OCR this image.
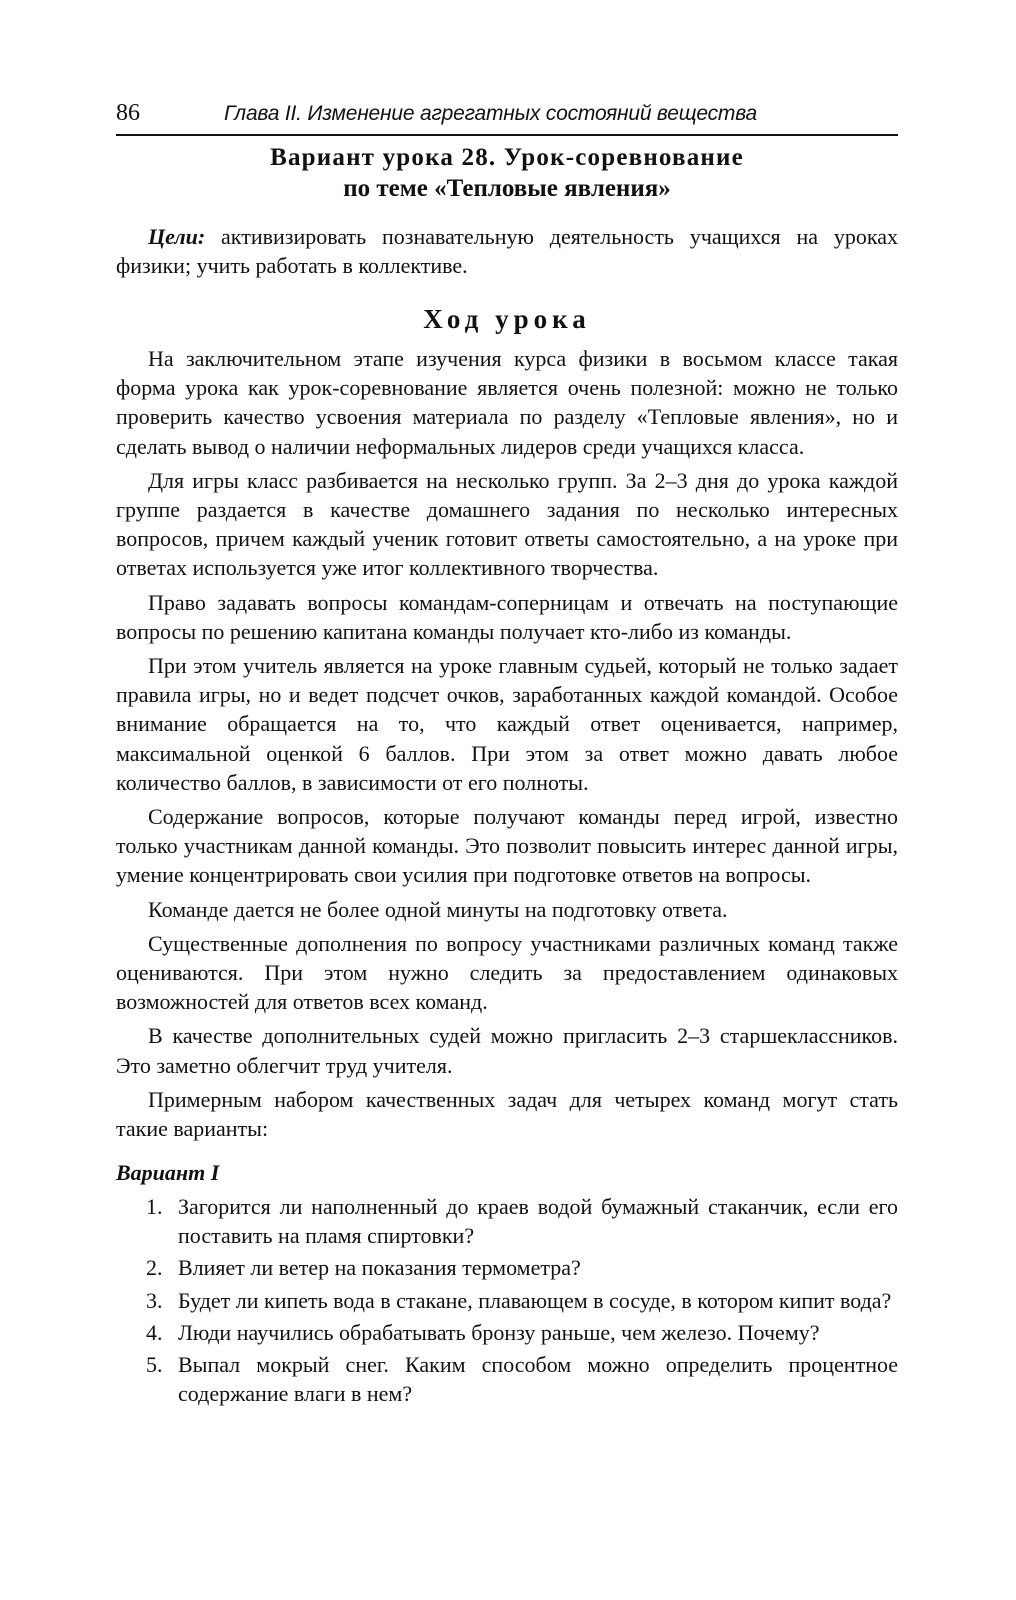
86	Глава II. Изменение агрегатных состояний вещества
Вариант урока 28. Урок-соревнование
по теме «Тепловые явления»

Цели: активизировать познавательную деятельность учащихся на уроках физики; учить работать в коллективе.

Ход урока

На заключительном этапе изучения курса физики в восьмом классе такая форма урока как урок-соревнование является очень полезной: можно не только проверить качество усвоения материала по разделу «Тепловые явления», но и сделать вывод о наличии неформальных лидеров среди учащихся класса.

Для игры класс разбивается на несколько групп. За 2–3 дня до урока каждой группе раздается в качестве домашнего задания по несколько интересных вопросов, причем каждый ученик готовит ответы самостоятельно, а на уроке при ответах используется уже итог коллективного творчества.

Право задавать вопросы командам-соперницам и отвечать на поступающие вопросы по решению капитана команды получает кто-либо из команды.

При этом учитель является на уроке главным судьей, который не только задает правила игры, но и ведет подсчет очков, заработанных каждой командой. Особое внимание обращается на то, что каждый ответ оценивается, например, максимальной оценкой 6 баллов. При этом за ответ можно давать любое количество баллов, в зависимости от его полноты.

Содержание вопросов, которые получают команды перед игрой, известно только участникам данной команды. Это позволит повысить интерес данной игры, умение концентрировать свои усилия при подготовке ответов на вопросы.

Команде дается не более одной минуты на подготовку ответа.

Существенные дополнения по вопросу участниками различных команд также оцениваются. При этом нужно следить за предоставлением одинаковых возможностей для ответов всех команд.

В качестве дополнительных судей можно пригласить 2–3 старшеклассников. Это заметно облегчит труд учителя.

Примерным набором качественных задач для четырех команд могут стать такие варианты:

Вариант I
1. Загорится ли наполненный до краев водой бумажный стаканчик, если его поставить на пламя спиртовки?
2. Влияет ли ветер на показания термометра?
3. Будет ли кипеть вода в стакане, плавающем в сосуде, в котором кипит вода?
4. Люди научились обрабатывать бронзу раньше, чем железо. Почему?
5. Выпал мокрый снег. Каким способом можно определить процентное содержание влаги в нем?
